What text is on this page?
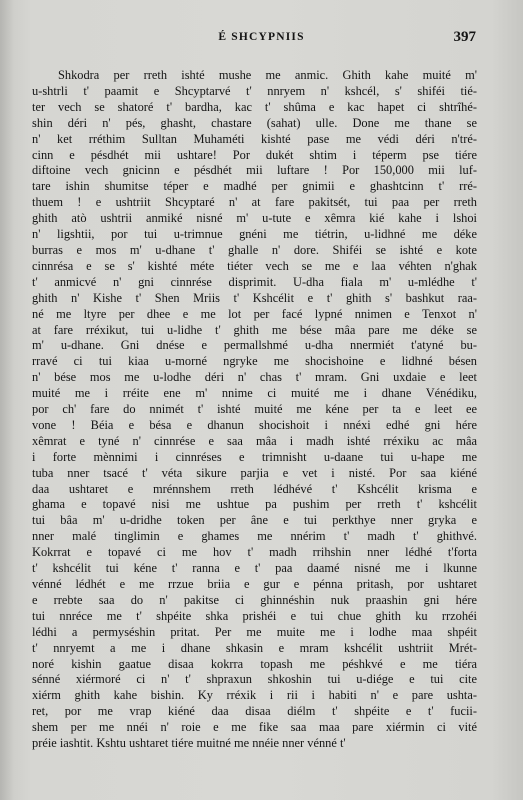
É SHCYPNIIS	397
Shkodra per rreth ishté mushe me anmic. Ghith kahe muité m'
u-shtrli t' paamit e Shcyptarvé t' nnryem n' kshcél, s' shiféi tié-
ter vech se shatoré t' bardha, kac t' shûma e kac hapet ci shtrîhé-
shin déri n' pés, ghasht, chastare (sahat) ulle. Done me thane se
n' ket rréthim Sulltan Muhaméti kishté pase me védi déri n'tré-
cinn e pésdhét mii ushtare! Por dukét shtim i téperm pse tiére
diftoine vech gnicinn e pésdhét mii luftare ! Por 150,000 mii luf-
tare ishin shumitse téper e madhé per gnimii e ghashtcinn t' rré-
thuem ! e ushtriit Shcyptaré n' at fare pakitsét, tui paa per rreth
ghith atò ushtrii anmiké nisné m' u-tute e xêmra kié kahe i lshoi
n' ligshtii, por tui u-trimnue gnéni me tiétrin, u-lidhné me déke
burras e mos m' u-dhane t' ghalle n' dore. Shiféi se ishté e kote
cinnrésa e se s' kishté méte tiéter vech se me e laa véhten n'ghak
t' anmicvé n' gni cinnrése disprimit. U-dha fiala m' u-mlédhe t'
ghith n' Kishe t' Shen Mriis t' Kshcélit e t' ghith s' bashkut raa-
né me ltyre per dhee e me lot per facé lypné nnimen e Tenxot n'
at fare rréxikut, tui u-lidhe t' ghith me bése mâa pare me déke se
m' u-dhane. Gni dnése e permallshmé u-dha nnermiét t'atyné bu-
rravé ci tui kiaa u-morné ngryke me shocishoine e lidhné bésen
n' bése mos me u-lodhe déri n' chas t' mram. Gni uxdaie e leet
muité me i rréite ene m' nnime ci muité me i dhane Vénédiku,
por ch' fare do nnimét t' ishté muité me kéne per ta e leet ee
vone ! Béia e bésa e dhanun shocishoit i nnéxi edhé gni hére
xêmrat e tyné n' cinnrése e saa mâa i madh ishté rréxiku ac mâa
i forte mènnimi i cinnréses e trimnisht u-daane tui u-hape me
tuba nner tsacé t' véta sikure parjia e vet i nisté. Por saa kiéné
daa ushtaret e mrénnshem rreth lédhévé t' Kshcélit krisma e
ghama e topavé nisi me ushtue pa pushim per rreth t' kshcélit
tui bâa m' u-dridhe token per âne e tui perkthye nner gryka e
nner malé tinglimin e ghames me nnérim t' madh t' ghithvé.
Kokrrat e topavé ci me hov t' madh rrihshin nner lédhé t'forta
t' kshcélit tui kéne t' ranna e t' paa daamé nisné me i lkunne
vénné lédhét e me rrzue briia e gur e pénna pritash, por ushtaret
e rrebte saa do n' pakitse ci ghinnéshin nuk praashin gni hére
tui nnréce me t' shpéite shka prishéi e tui chue ghith ku rrzohéi
lédhi a permyséshin pritat. Per me muite me i lodhe maa shpéit
t' nnryemt a me i dhane shkasin e mram kshcélit ushtriit Mrét-
noré kishin gaatue disaa kokrra topash me péshkvé e me tiéra
sénné xiérmoré ci n' t' shpraxun shkoshin tui u-diége e tui cite
xiérm ghith kahe bishin. Ky rréxik i rii i habiti n' e pare ushta-
ret, por me vrap kiéné daa disaa diélm t' shpéite e t' fucii-
shem per me nnéi n' roie e me fike saa maa pare xiérmin ci vité
préie iashtit. Kshtu ushtaret tiére muitné me nnéie nner vénné t'
